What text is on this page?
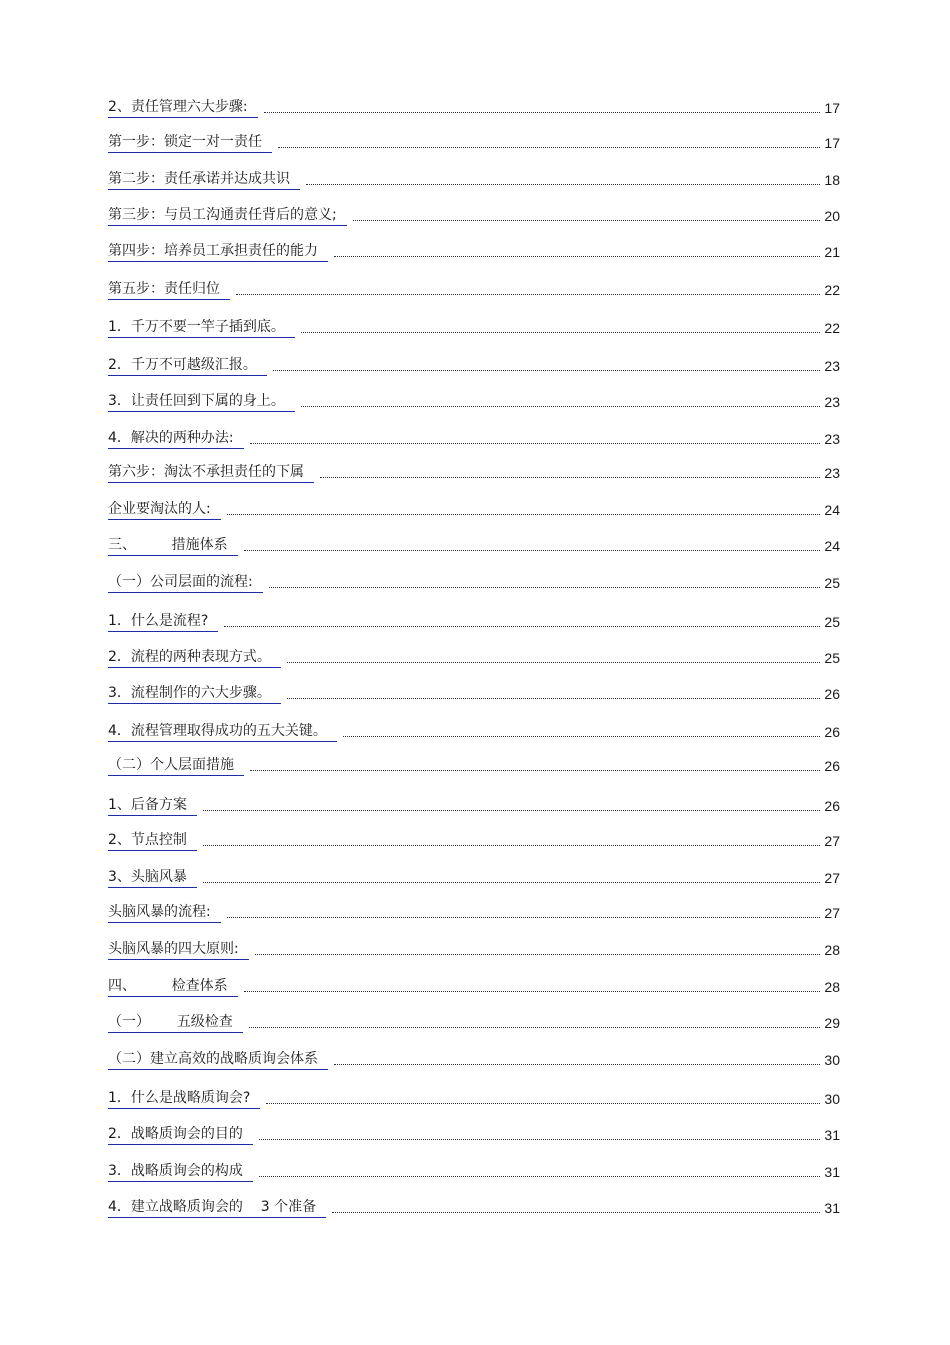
2、责任管理六大步骤:	17
第一步：锁定一对一责任	17
第二步：责任承诺并达成共识	18
第三步：与员工沟通责任背后的意义;	20
第四步：培养员工承担责任的能力	21
第五步：责任归位	22
1．千万不要一竿子插到底。	22
2．千万不可越级汇报。	23
3．让责任回到下属的身上。	23
4．解决的两种办法:	23
第六步：淘汰不承担责任的下属	23
企业要淘汰的人:	24
三、        措施体系	24
（一）公司层面的流程:	25
1．什么是流程?	25
2．流程的两种表现方式。	25
3．流程制作的六大步骤。	26
4．流程管理取得成功的五大关键。	26
（二）个人层面措施	26
1、后备方案	26
2、节点控制	27
3、头脑风暴	27
头脑风暴的流程:	27
头脑风暴的四大原则:	28
四、        检查体系	28
（一）      五级检查	29
（二）建立高效的战略质询会体系	30
1．什么是战略质询会?	30
2．战略质询会的目的	31
3．战略质询会的构成	31
4．建立战略质询会的    3 个准备	31
